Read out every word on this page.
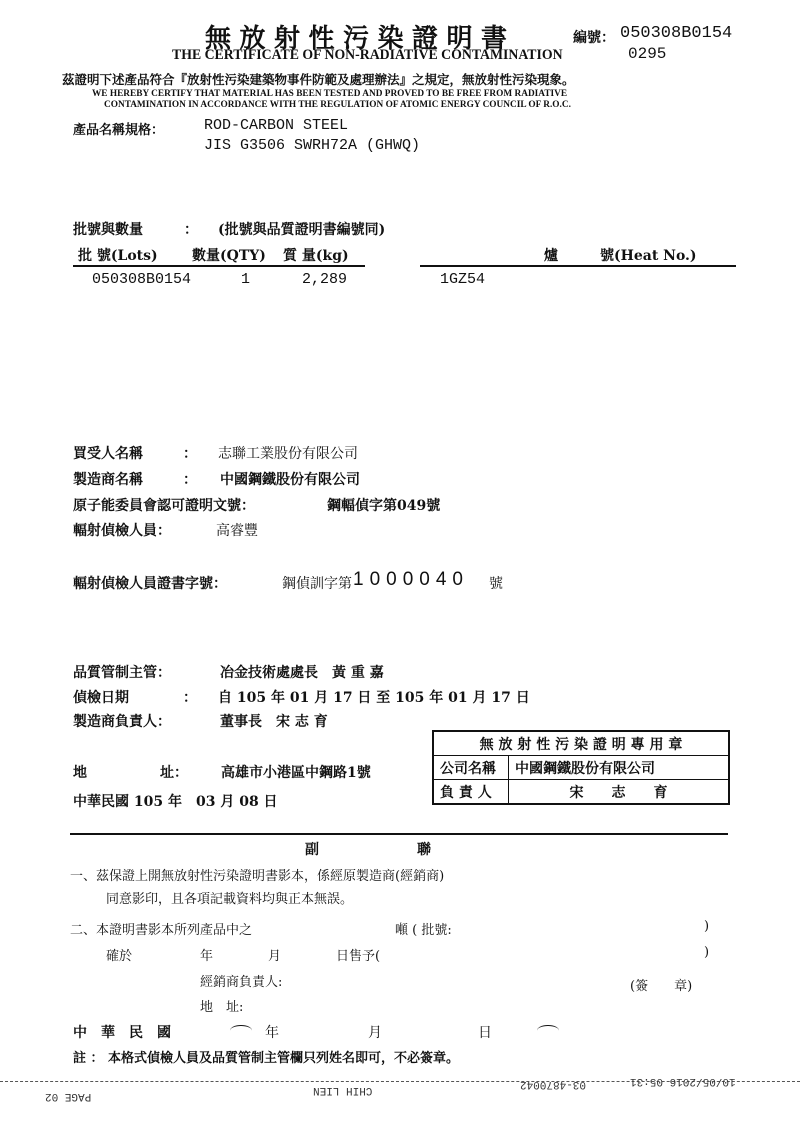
無 放 射 性 污 染 證 明 書	編號： 050308B0154
THE CERTIFICATE OF NON-RADIATIVE CONTAMINATION	0295
茲證明下述產品符合『放射性污染建築物事件防範及處理辦法』之規定，無放射性污染現象。
WE HEREBY CERTIFY THAT MATERIAL HAS BEEN TESTED AND PROVED TO BE FREE FROM RADIATIVE
CONTAMINATION IN ACCORDANCE WITH THE REGULATION OF ATOMIC ENERGY COUNCIL OF R.O.C.
產品名稱規格：	ROD-CARBON STEEL
JIS G3506 SWRH72A (GHWQ)
批號與數量	： (批號與品質證明書編號同)
批 號(Lots) 數量(QTY) 質 量(kg)	爐	號(Heat No.)
050308B0154	1	2,289	1GZ54
買受人名稱	： 志聯工業股份有限公司
製造商名稱	： 中國鋼鐵股份有限公司
原子能委員會認可證明文號：	鋼輻偵字第049號
輻射偵檢人員：	高睿豐
輻射偵檢人員證書字號：	鋼偵訓字第 1000040 號
品質管制主管：	冶金技術處處長　黃 重 嘉
偵檢日期	： 自 105 年 01 月 17 日 至 105 年 01 月 17 日
製造商負責人：	董事長　宋 志 育
地	址： 高雄市小港區中鋼路1號
中華民國 105 年　03 月 08 日
無 放 射 性 污 染 證 明 專 用 章	
公司名稱	中國鋼鐵股份有限公司
負 責 人	宋　　志　　育
副　　　　　　　聯
一、茲保證上開無放射性污染證明書影本，係經原製造商(經銷商)
同意影印，且各項記載資料均與正本無誤。
二、本證明書影本所列產品中之	噸 ( 批號:	)
確於	年	月	日售予(	)
經銷商負責人:	(簽　　章)
地　址:
中　華　民　國	年	月	日
註 ： 本格式偵檢人員及品質管制主管欄只列姓名即可，不必簽章。
PAGE 02	CHIH LIEN	03-4870042	10/05/2016 05:31
